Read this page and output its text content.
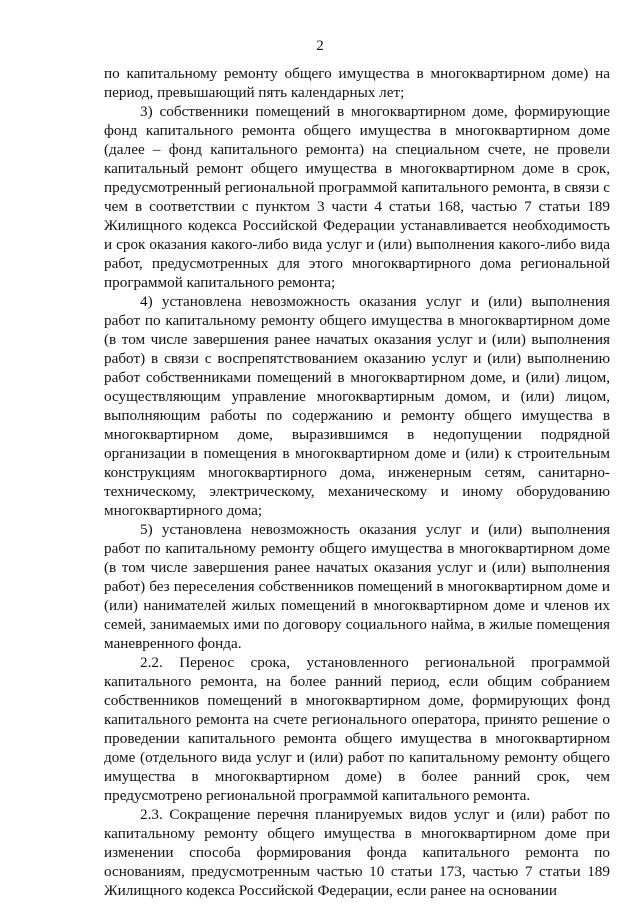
2

по капитальному ремонту общего имущества в многоквартирном доме) на период, превышающий пять календарных лет;

3) собственники помещений в многоквартирном доме, формирующие фонд капитального ремонта общего имущества в многоквартирном доме (далее – фонд капитального ремонта) на специальном счете, не провели капитальный ремонт общего имущества в многоквартирном доме в срок, предусмотренный региональной программой капитального ремонта, в связи с чем в соответствии с пунктом 3 части 4 статьи 168, частью 7 статьи 189 Жилищного кодекса Российской Федерации устанавливается необходимость и срок оказания какого-либо вида услуг и (или) выполнения какого-либо вида работ, предусмотренных для этого многоквартирного дома региональной программой капитального ремонта;

4) установлена невозможность оказания услуг и (или) выполнения работ по капитальному ремонту общего имущества в многоквартирном доме (в том числе завершения ранее начатых оказания услуг и (или) выполнения работ) в связи с воспрепятствованием оказанию услуг и (или) выполнению работ собственниками помещений в многоквартирном доме, и (или) лицом, осуществляющим управление многоквартирным домом, и (или) лицом, выполняющим работы по содержанию и ремонту общего имущества в многоквартирном доме, выразившимся в недопущении подрядной организации в помещения в многоквартирном доме и (или) к строительным конструкциям многоквартирного дома, инженерным сетям, санитарно-техническому, электрическому, механическому и иному оборудованию многоквартирного дома;

5) установлена невозможность оказания услуг и (или) выполнения работ по капитальному ремонту общего имущества в многоквартирном доме (в том числе завершения ранее начатых оказания услуг и (или) выполнения работ) без переселения собственников помещений в многоквартирном доме и (или) нанимателей жилых помещений в многоквартирном доме и членов их семей, занимаемых ими по договору социального найма, в жилые помещения маневренного фонда.

2.2. Перенос срока, установленного региональной программой капитального ремонта, на более ранний период, если общим собранием собственников помещений в многоквартирном доме, формирующих фонд капитального ремонта на счете регионального оператора, принято решение о проведении капитального ремонта общего имущества в многоквартирном доме (отдельного вида услуг и (или) работ по капитальному ремонту общего имущества в многоквартирном доме) в более ранний срок, чем предусмотрено региональной программой капитального ремонта.

2.3. Сокращение перечня планируемых видов услуг и (или) работ по капитальному ремонту общего имущества в многоквартирном доме при изменении способа формирования фонда капитального ремонта по основаниям, предусмотренным частью 10 статьи 173, частью 7 статьи 189 Жилищного кодекса Российской Федерации, если ранее на основании
